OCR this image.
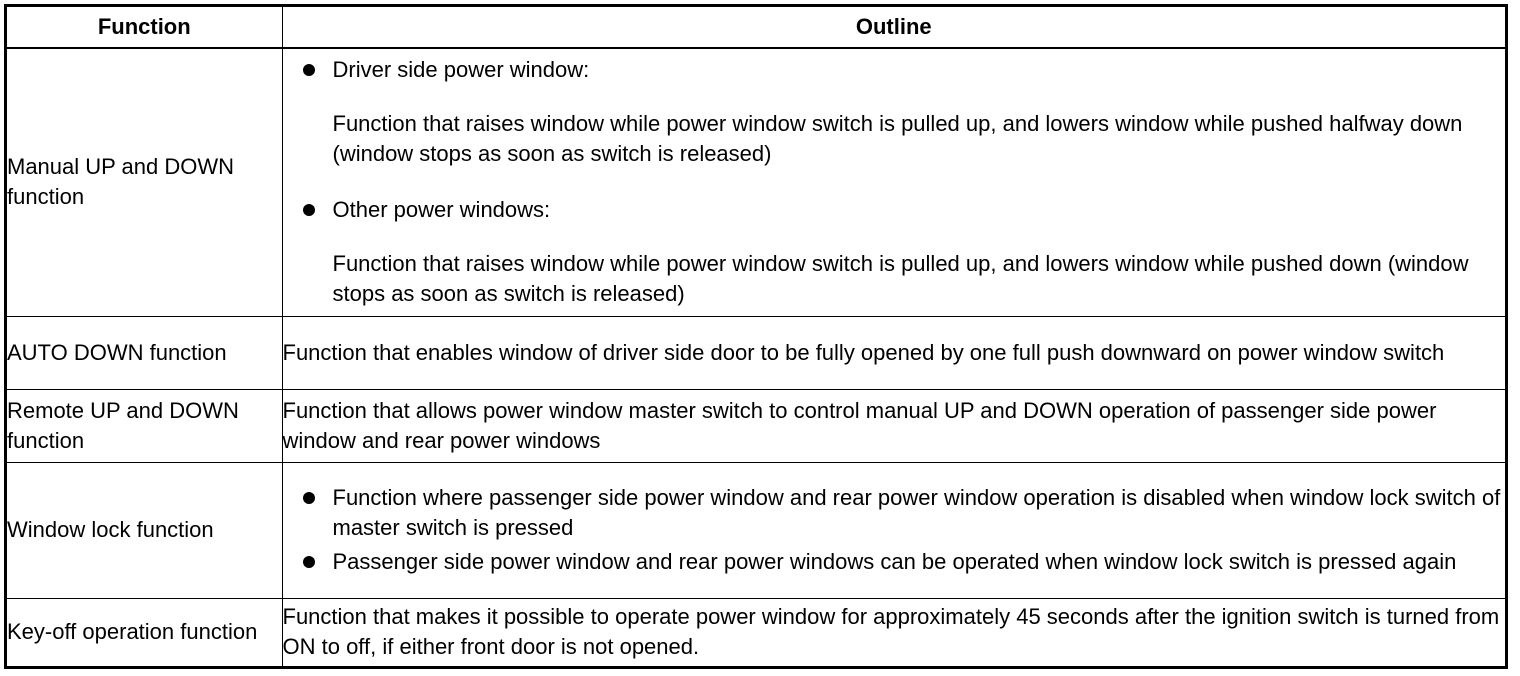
Function	Outline
Manual UP and DOWN function	Driver side power window:
Function that raises window while power window switch is pulled up, and lowers window while pushed halfway down (window stops as soon as switch is released)
Other power windows:
Function that raises window while power window switch is pulled up, and lowers window while pushed down (window stops as soon as switch is released)

AUTO DOWN function	Function that enables window of driver side door to be fully opened by one full push downward on power window switch
Remote UP and DOWN function	Function that allows power window master switch to control manual UP and DOWN operation of passenger side power window and rear power windows
Window lock function	Function where passenger side power window and rear power window operation is disabled when window lock switch of master switch is pressed
Passenger side power window and rear power windows can be operated when window lock switch is pressed again

Key-off operation function	Function that makes it possible to operate power window for approximately 45 seconds after the ignition switch is turned from ON to off, if either front door is not opened.
